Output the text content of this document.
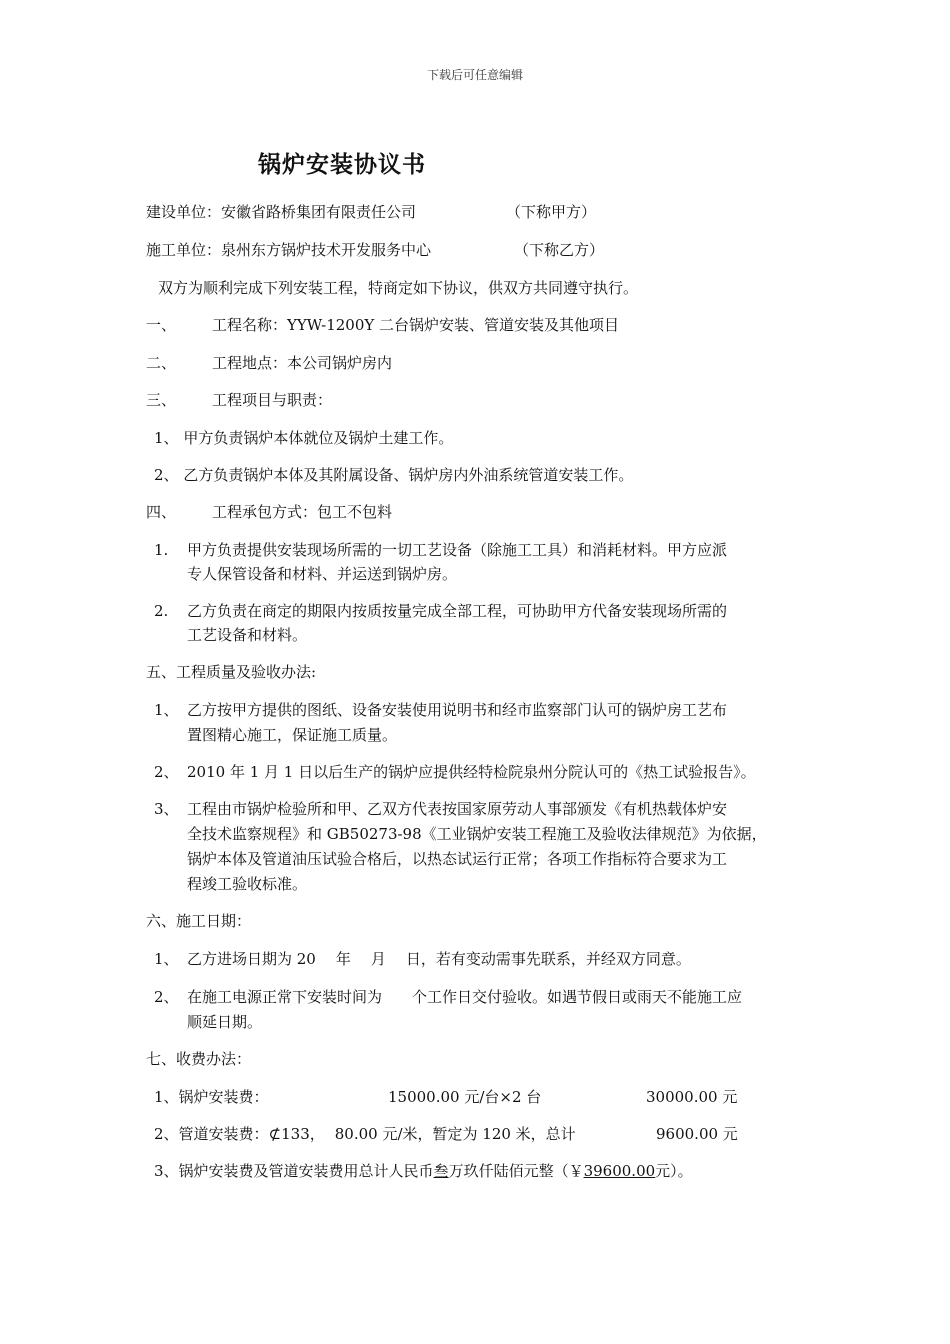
下载后可任意编辑
锅炉安装协议书
建设单位：安徽省路桥集团有限责任公司	（下称甲方）
施工单位：泉州东方锅炉技术开发服务中心	（下称乙方）
双方为顺利完成下列安装工程，特商定如下协议，供双方共同遵守执行。
一、 工程名称：YYW-1200Y 二台锅炉安装、管道安装及其他项目
二、 工程地点：本公司锅炉房内
三、 工程项目与职责：
1、 甲方负责锅炉本体就位及锅炉土建工作。
2、 乙方负责锅炉本体及其附属设备、锅炉房内外油系统管道安装工作。
四、 工程承包方式：包工不包料
1. 甲方负责提供安装现场所需的一切工艺设备（除施工工具）和消耗材料。甲方应派
专人保管设备和材料、并运送到锅炉房。
2. 乙方负责在商定的期限内按质按量完成全部工程，可协助甲方代备安装现场所需的
工艺设备和材料。
五、工程质量及验收办法:
1、 乙方按甲方提供的图纸、设备安装使用说明书和经市监察部门认可的锅炉房工艺布
置图精心施工，保证施工质量。
2、 2010 年 1 月 1 日以后生产的锅炉应提供经特检院泉州分院认可的《热工试验报告》。
3、 工程由市锅炉检验所和甲、乙双方代表按国家原劳动人事部颁发《有机热载体炉安
全技术监察规程》和 GB50273-98《工业锅炉安装工程施工及验收法律规范》为依据，
锅炉本体及管道油压试验合格后，以热态试运行正常；各项工作指标符合要求为工
程竣工验收标准。
六、施工日期：
1、 乙方进场日期为 20 年 月 日，若有变动需事先联系，并经双方同意。
2、 在施工电源正常下安装时间为 个工作日交付验收。如遇节假日或雨天不能施工应
顺延日期。
七、收费办法：
1、锅炉安装费：	15000.00 元/台×2 台	30000.00 元
2、管道安装费：⊄133， 80.00 元/米，暂定为 120 米，总计	9600.00 元
3、锅炉安装费及管道安装费用总计人民币叁万玖仟陆佰元整（￥39600.00元）。
